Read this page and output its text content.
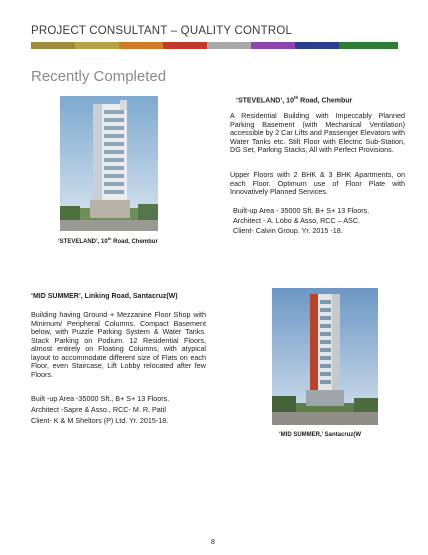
PROJECT CONSULTANT – QUALITY CONTROL
Recently Completed
‘STEVELAND’, 10th Road, Chembur
‘STEVELAND’, 10th Road, Chembur

A Residential Building with Impeccably Planned Parking Basement (with Mechanical Ventilation) accessible by 2 Car Lifts and Passenger Elevators with Water Tanks etc. Stilt Floor with Electric Sub-Station, DG Set, Parking Stacks, All with Perfect Provisions.

Upper Floors with 2 BHK & 3 BHK Apartments, on each Floor. Optimum use of Floor Plate with Innovatively Planned Services.

Built-up Area - 35000 Sft. B+ S+ 13 Floors.
Architect - A. Lobo & Asso, RCC – ASC.
Client- Calvin Group. Yr. 2015 -18.
‘MID SUMMER’, Linking Road, Santacruz(W)

Building having Ground + Mezzanine Floor Shop with Minimum/ Peripheral Columns. Compact Basement below, with Puzzle Parking System & Water Tanks. Stack Parking on Podium. 12 Residential Floors, almost entirely on Floating Columns, with atypical layout to accommodate different size of Flats on each Floor, even Staircase, Lift Lobby relocated after few Floors.

Built -up Area -35000 Sft., B+ S+ 13 Floors.
Architect -Sapre & Asso., RCC- M. R. Patil
Client- K & M Sheltors (P) Ltd. Yr. 2015-18.
‘MID SUMMER,’ Santacruz(W
8
